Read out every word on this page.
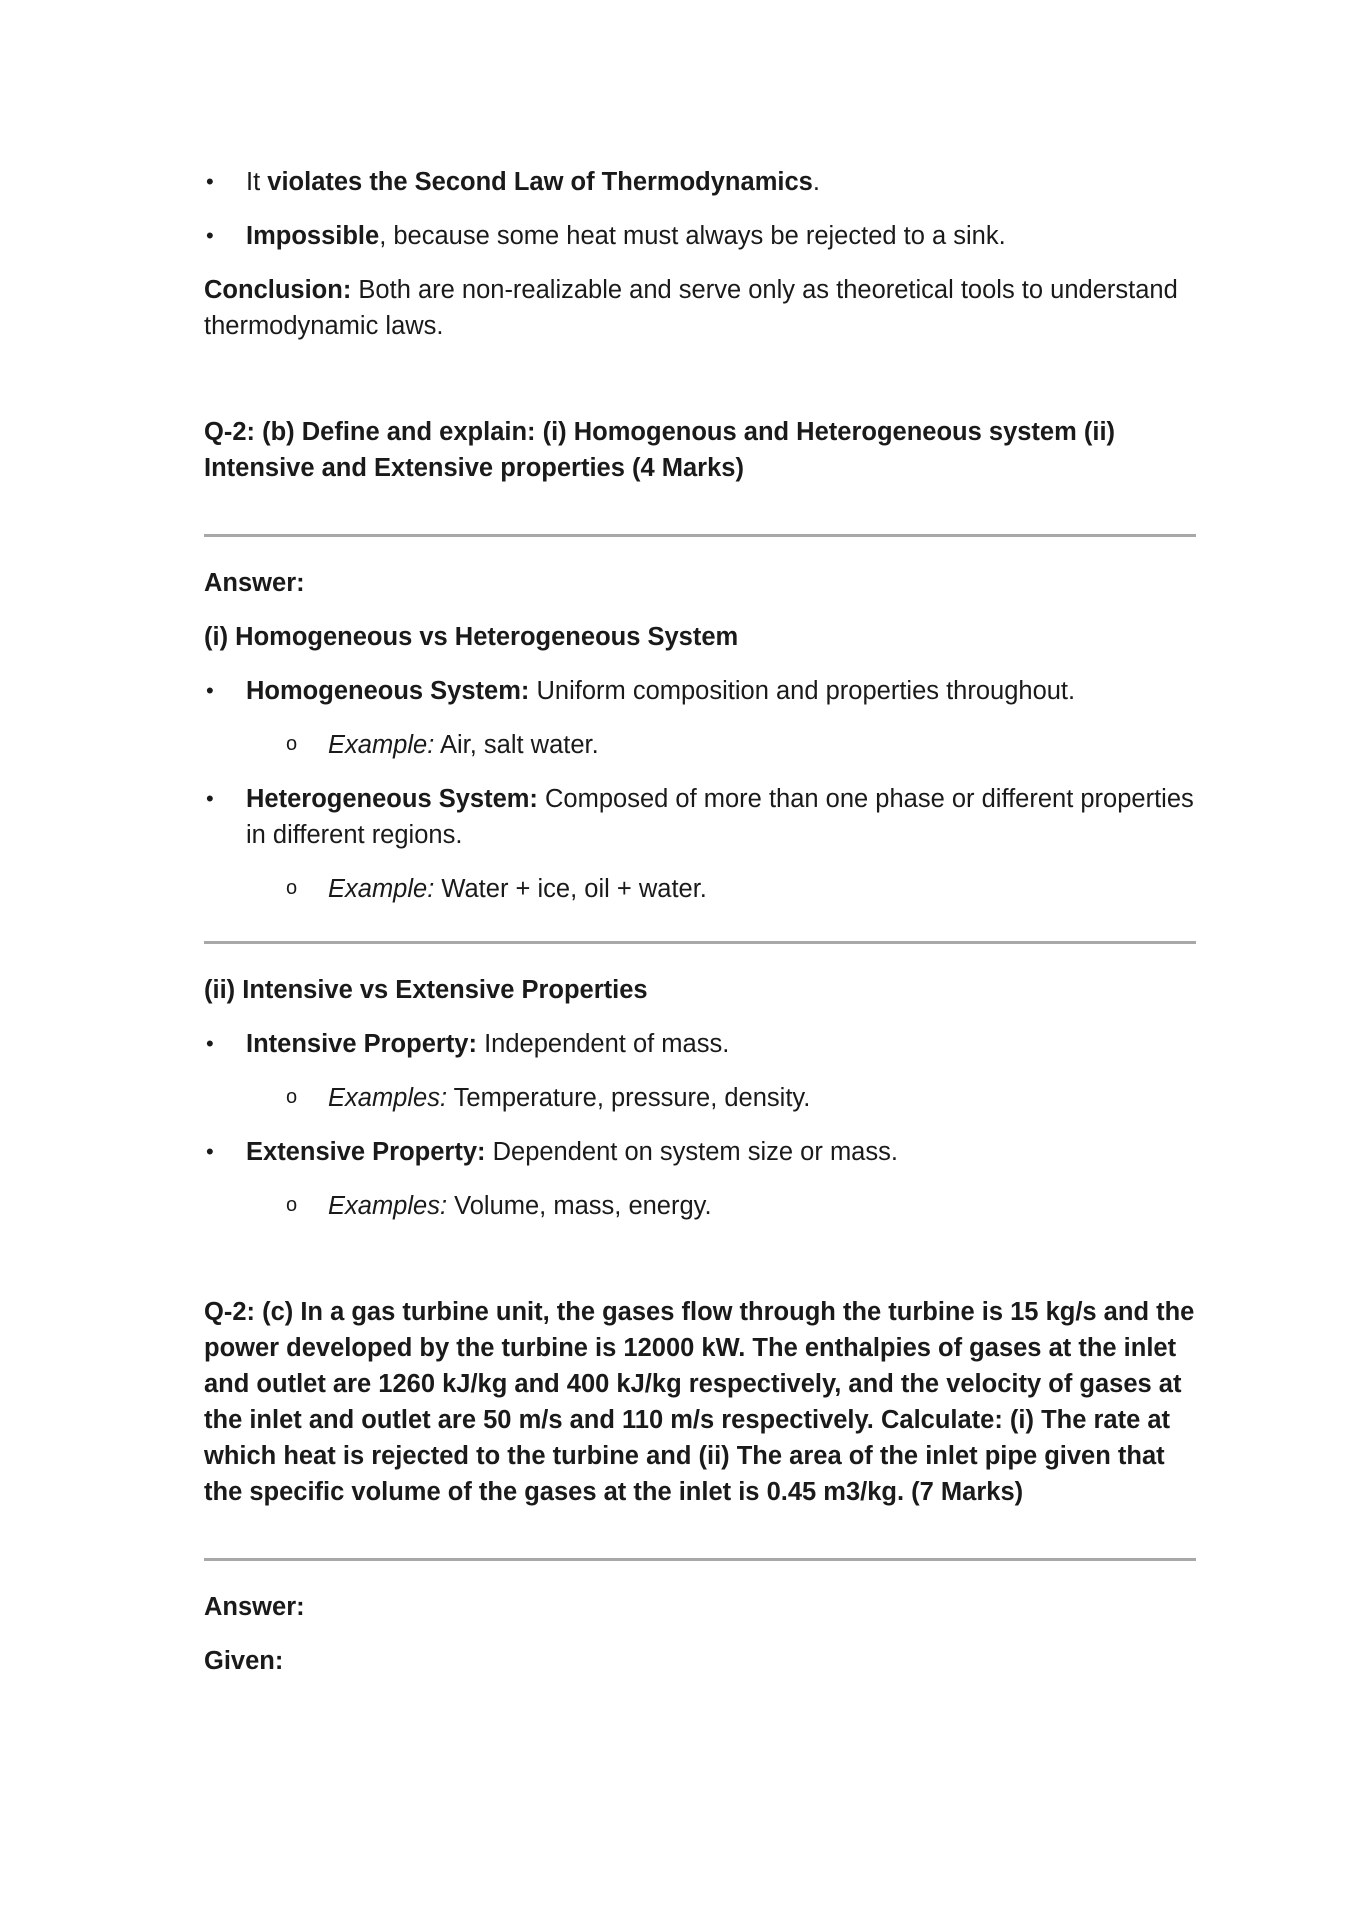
• It violates the Second Law of Thermodynamics.

• Impossible, because some heat must always be rejected to a sink.

Conclusion: Both are non-realizable and serve only as theoretical tools to understand thermodynamic laws.

Q-2: (b) Define and explain: (i) Homogenous and Heterogeneous system (ii) Intensive and Extensive properties (4 Marks)

Answer:

(i) Homogeneous vs Heterogeneous System

• Homogeneous System: Uniform composition and properties throughout.

o Example: Air, salt water.

• Heterogeneous System: Composed of more than one phase or different properties in different regions.

o Example: Water + ice, oil + water.

(ii) Intensive vs Extensive Properties

• Intensive Property: Independent of mass.

o Examples: Temperature, pressure, density.

• Extensive Property: Dependent on system size or mass.

o Examples: Volume, mass, energy.

Q-2: (c) In a gas turbine unit, the gases flow through the turbine is 15 kg/s and the power developed by the turbine is 12000 kW. The enthalpies of gases at the inlet and outlet are 1260 kJ/kg and 400 kJ/kg respectively, and the velocity of gases at the inlet and outlet are 50 m/s and 110 m/s respectively. Calculate: (i) The rate at which heat is rejected to the turbine and (ii) The area of the inlet pipe given that the specific volume of the gases at the inlet is 0.45 m3/kg. (7 Marks)

Answer:

Given:
